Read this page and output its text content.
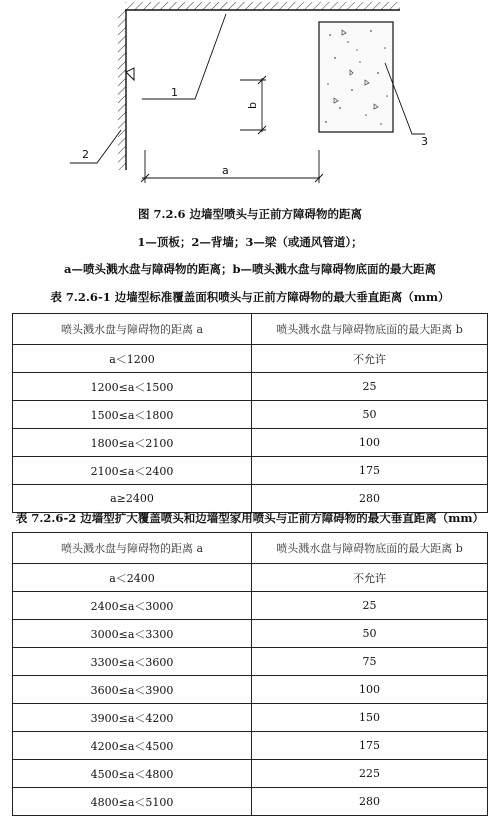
1
2
3
b
a
图 7.2.6 边墙型喷头与正前方障碍物的距离
1—顶板；2—背墙；3—梁（或通风管道）；
a—喷头溅水盘与障碍物的距离；b—喷头溅水盘与障碍物底面的最大距离
表 7.2.6-1 边墙型标准覆盖面积喷头与正前方障碍物的最大垂直距离（mm）
喷头溅水盘与障碍物的距离 a	喷头溅水盘与障碍物底面的最大距离 b
a＜1200	不允许
1200≤a＜1500	25
1500≤a＜1800	50
1800≤a＜2100	100
2100≤a＜2400	175
a≥2400	280
表 7.2.6-2 边墙型扩大覆盖喷头和边墙型家用喷头与正前方障碍物的最大垂直距离（mm）
喷头溅水盘与障碍物的距离 a	喷头溅水盘与障碍物底面的最大距离 b
a＜2400	不允许
2400≤a＜3000	25
3000≤a＜3300	50
3300≤a＜3600	75
3600≤a＜3900	100
3900≤a＜4200	150
4200≤a＜4500	175
4500≤a＜4800	225
4800≤a＜5100	280
